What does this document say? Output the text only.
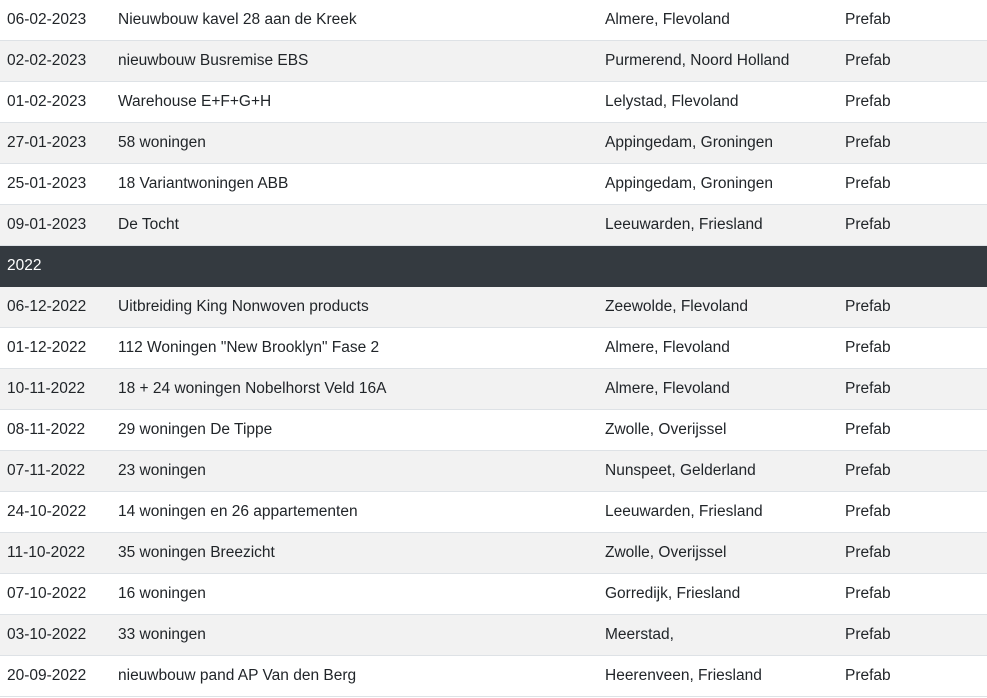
06-02-2023	Nieuwbouw kavel 28 aan de Kreek	Almere, Flevoland	Prefab
02-02-2023	nieuwbouw Busremise EBS	Purmerend, Noord Holland	Prefab
01-02-2023	Warehouse E+F+G+H	Lelystad, Flevoland	Prefab
27-01-2023	58 woningen	Appingedam, Groningen	Prefab
25-01-2023	18 Variantwoningen ABB	Appingedam, Groningen	Prefab
09-01-2023	De Tocht	Leeuwarden, Friesland	Prefab
2022			
06-12-2022	Uitbreiding King Nonwoven products	Zeewolde, Flevoland	Prefab
01-12-2022	112 Woningen "New Brooklyn" Fase 2	Almere, Flevoland	Prefab
10-11-2022	18 + 24 woningen Nobelhorst Veld 16A	Almere, Flevoland	Prefab
08-11-2022	29 woningen De Tippe	Zwolle, Overijssel	Prefab
07-11-2022	23 woningen	Nunspeet, Gelderland	Prefab
24-10-2022	14 woningen en 26 appartementen	Leeuwarden, Friesland	Prefab
11-10-2022	35 woningen Breezicht	Zwolle, Overijssel	Prefab
07-10-2022	16 woningen	Gorredijk, Friesland	Prefab
03-10-2022	33 woningen	Meerstad,	Prefab
20-09-2022	nieuwbouw pand AP Van den Berg	Heerenveen, Friesland	Prefab
